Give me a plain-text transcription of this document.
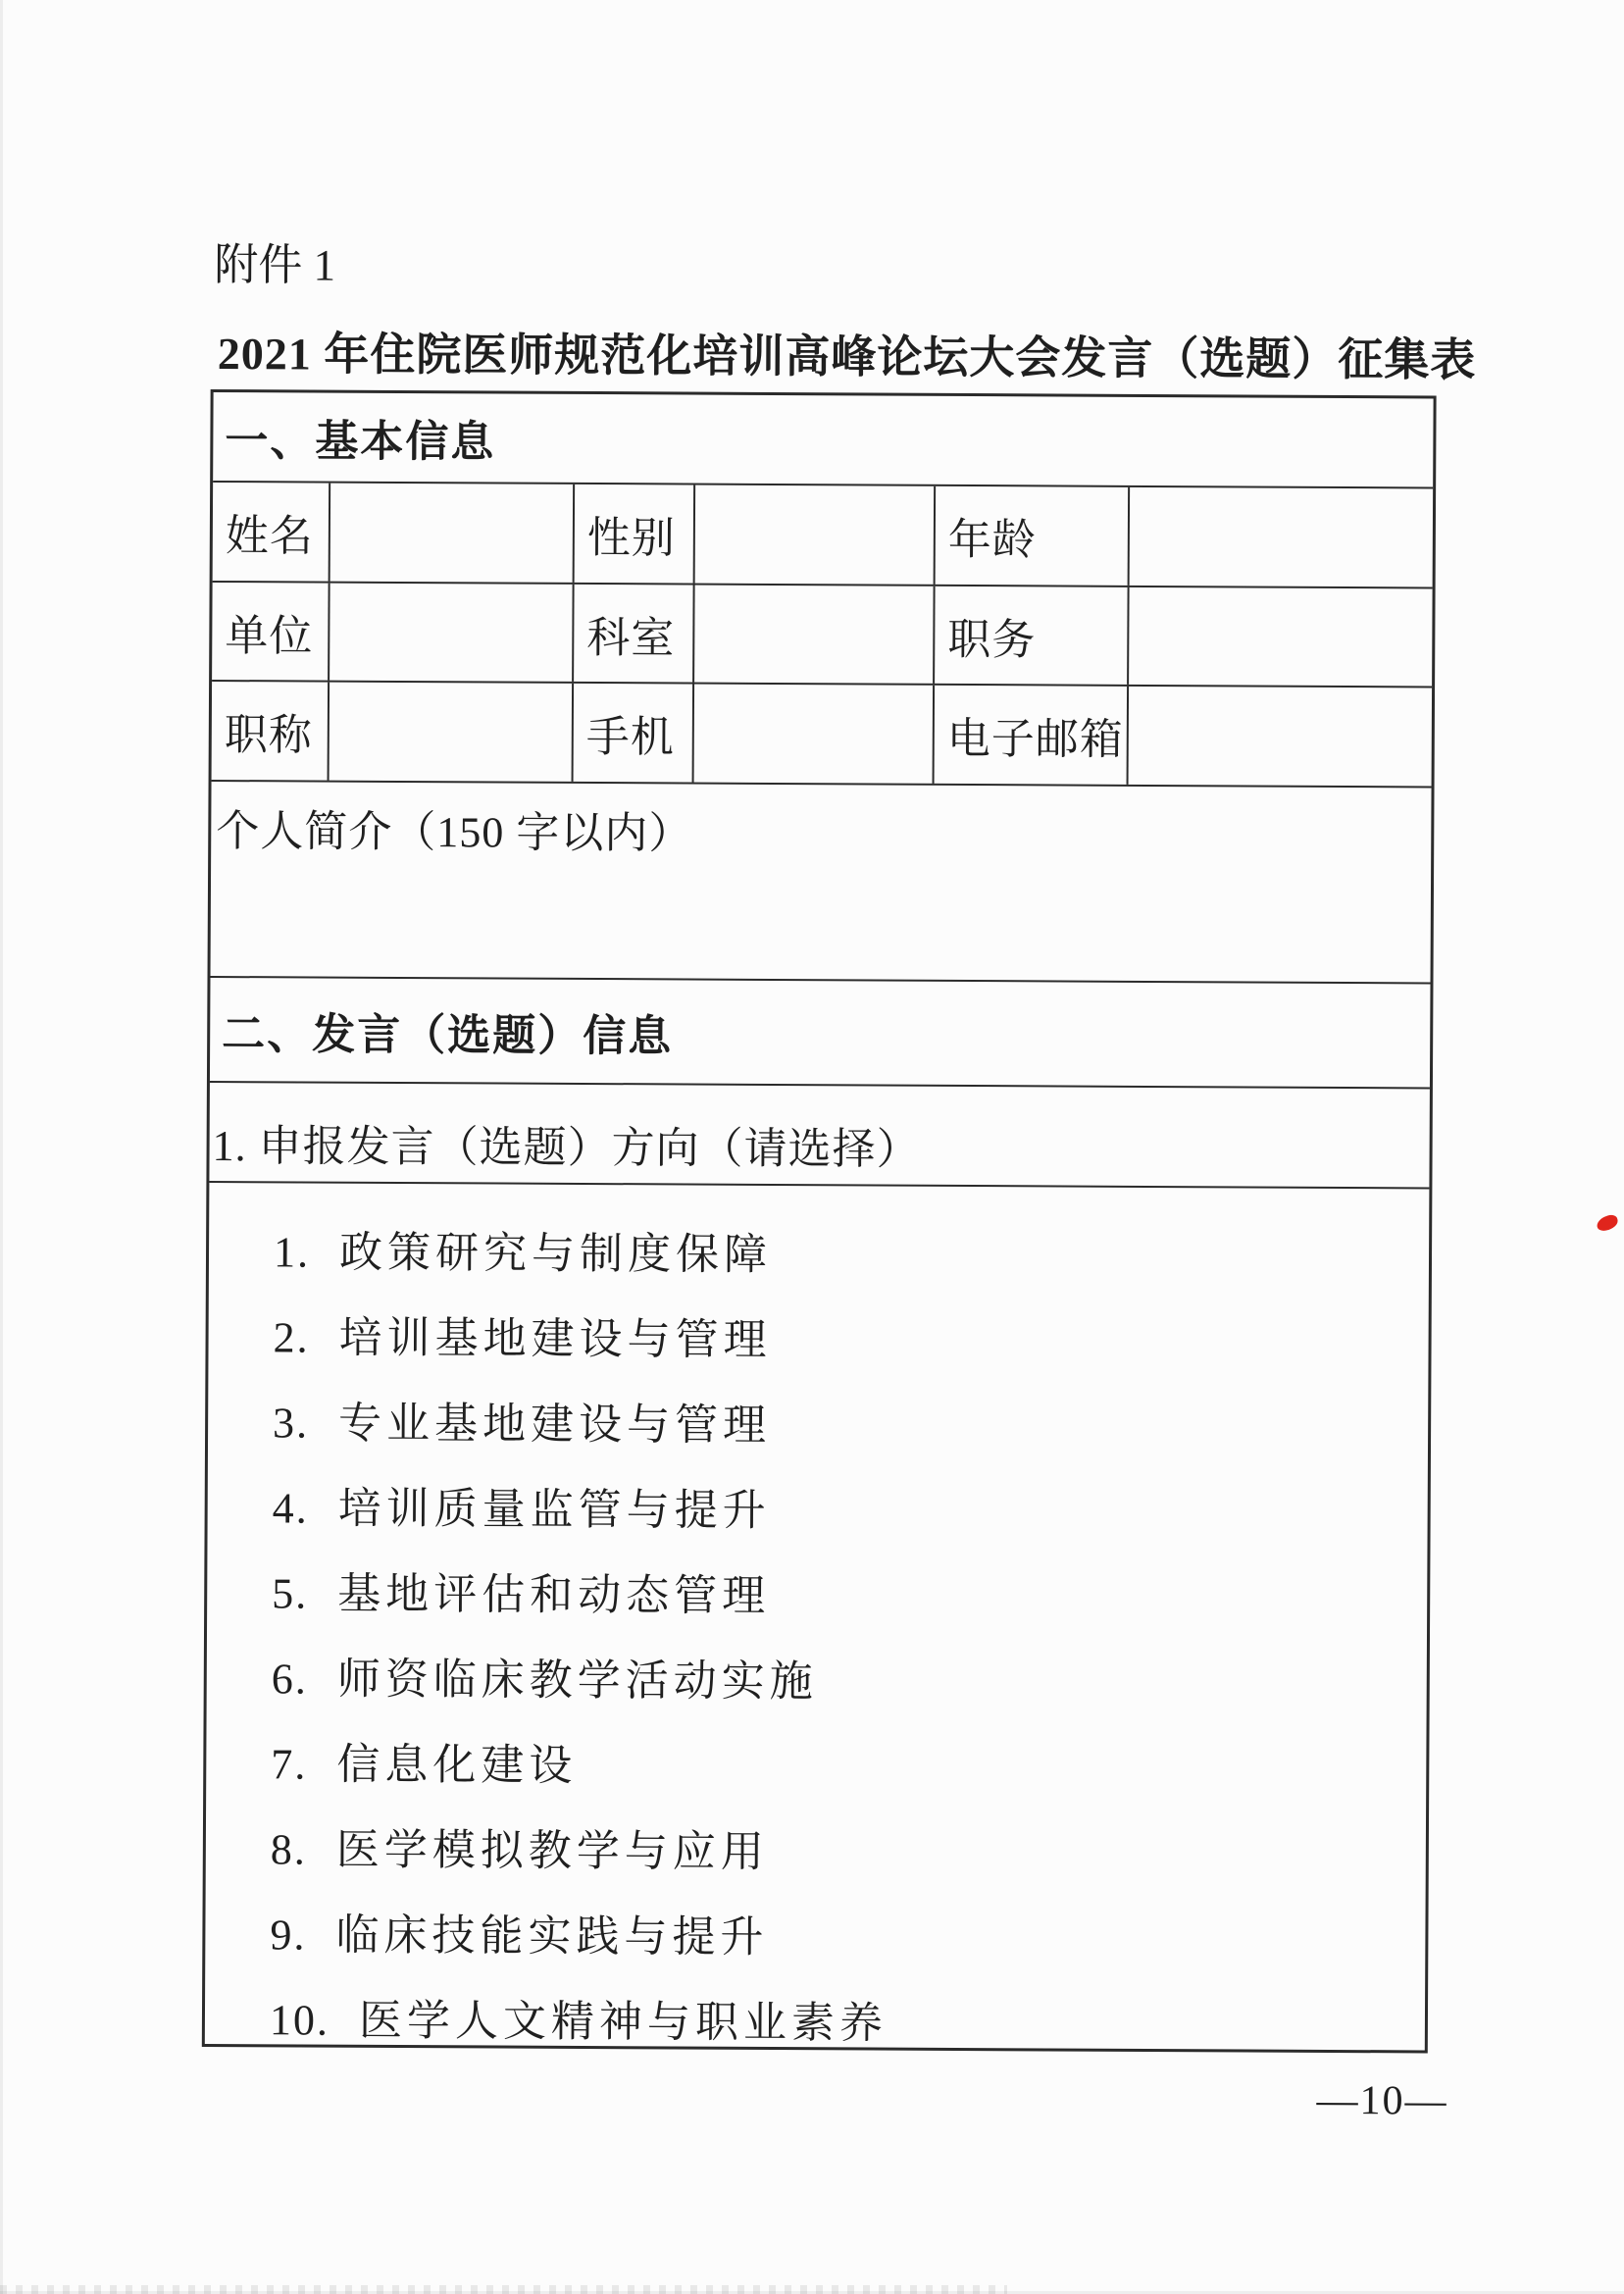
附件 1
2021 年住院医师规范化培训高峰论坛大会发言（选题）征集表
一、基本信息
姓名	性别	年龄
单位	科室	职务
职称	手机	电子邮箱
个人简介（150 字以内）
二、发言（选题）信息
1. 申报发言（选题）方向（请选择）
1. 政策研究与制度保障
2. 培训基地建设与管理
3. 专业基地建设与管理
4. 培训质量监管与提升
5. 基地评估和动态管理
6. 师资临床教学活动实施
7. 信息化建设
8. 医学模拟教学与应用
9. 临床技能实践与提升
10. 医学人文精神与职业素养
—10—
